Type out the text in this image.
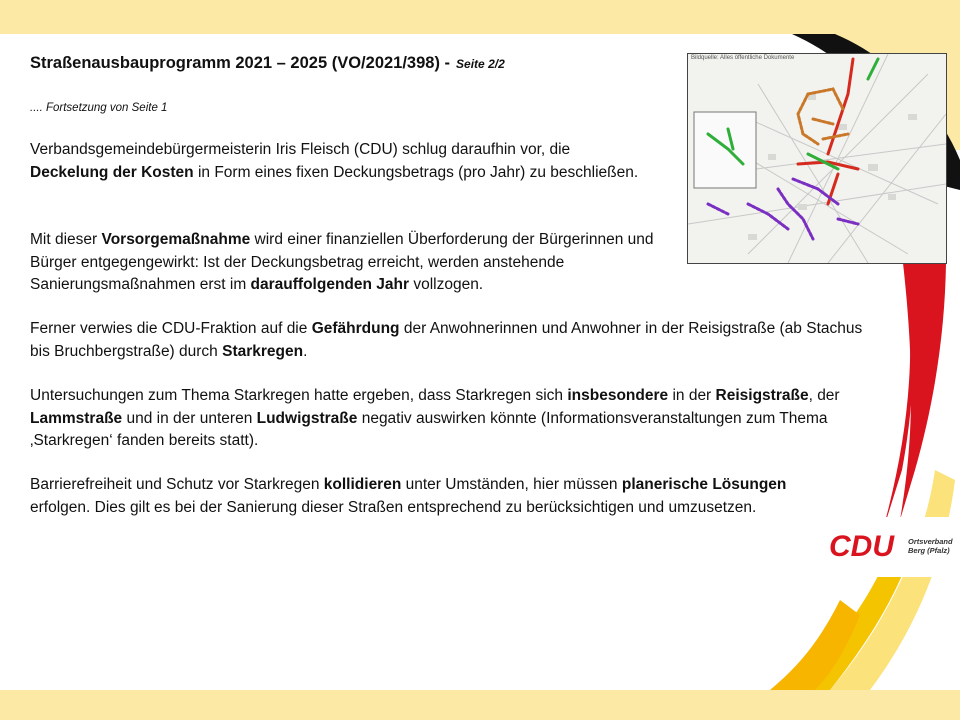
Straßenausbauprogramm 2021 – 2025 (VO/2021/398) - Seite 2/2
.... Fortsetzung von Seite 1
Verbandsgemeindebürgermeisterin Iris Fleisch (CDU) schlug daraufhin vor, die Deckelung der Kosten in Form eines fixen Deckungsbetrags (pro Jahr) zu beschließen.
Mit dieser Vorsorgemaßnahme wird einer finanziellen Überforderung der Bürgerinnen und Bürger entgegengewirkt: Ist der Deckungsbetrag erreicht, werden anstehende Sanierungsmaßnahmen erst im darauffolgenden Jahr vollzogen.
Ferner verwies die CDU-Fraktion auf die Gefährdung der Anwohnerinnen und Anwohner in der Reisigstraße (ab Stachus bis Bruchbergstraße) durch Starkregen.
Untersuchungen zum Thema Starkregen hatte ergeben, dass Starkregen sich insbesondere in der Reisigstraße, der Lammstraße und in der unteren Ludwigstraße negativ auswirken könnte (Informationsveranstaltungen zum Thema ‚Starkregen‘ fanden bereits statt).
Barrierefreiheit und Schutz vor Starkregen kollidieren unter Umständen, hier müssen planerische Lösungen erfolgen. Dies gilt es bei der Sanierung dieser Straßen entsprechend zu berücksichtigen und umzusetzen.
Bildquelle: Alles öffentliche Dokumente
CDU Ortsverband
Berg (Pfalz)
